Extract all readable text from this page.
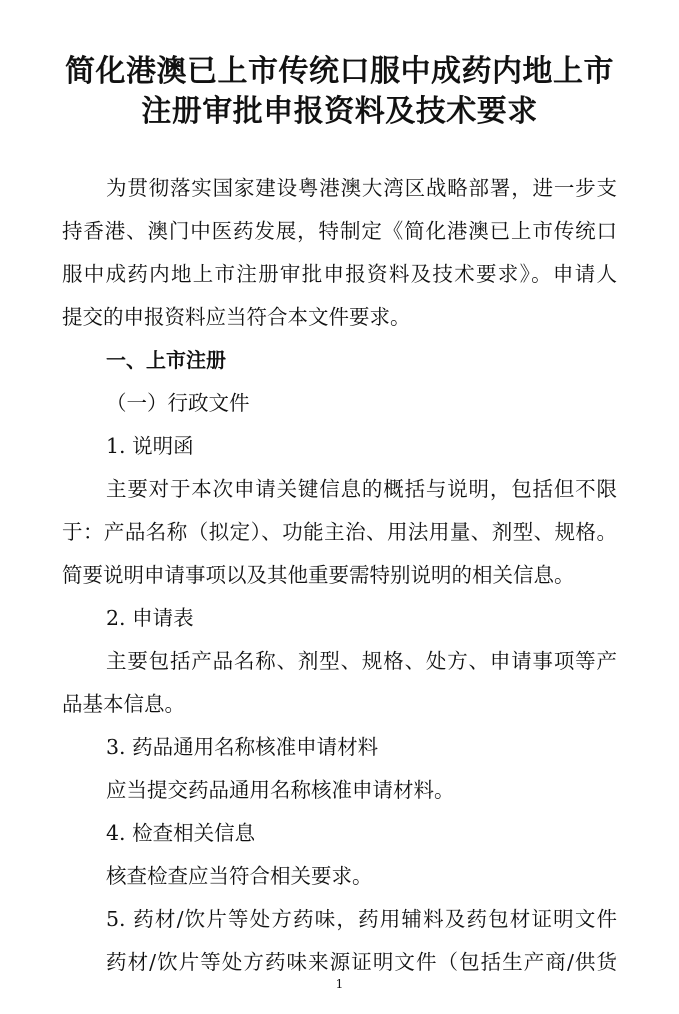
简化港澳已上市传统口服中成药内地上市
注册审批申报资料及技术要求
为贯彻落实国家建设粤港澳大湾区战略部署，进一步支
持香港、澳门中医药发展，特制定《简化港澳已上市传统口
服中成药内地上市注册审批申报资料及技术要求》。申请人
提交的申报资料应当符合本文件要求。
一、上市注册
（一）行政文件
1. 说明函
主要对于本次申请关键信息的概括与说明，包括但不限
于：产品名称（拟定）、功能主治、用法用量、剂型、规格。
简要说明申请事项以及其他重要需特别说明的相关信息。
2. 申请表
主要包括产品名称、剂型、规格、处方、申请事项等产
品基本信息。
3. 药品通用名称核准申请材料
应当提交药品通用名称核准申请材料。
4. 检查相关信息
核查检查应当符合相关要求。
5. 药材/饮片等处方药味，药用辅料及药包材证明文件
药材/饮片等处方药味来源证明文件（包括生产商/供货
1
